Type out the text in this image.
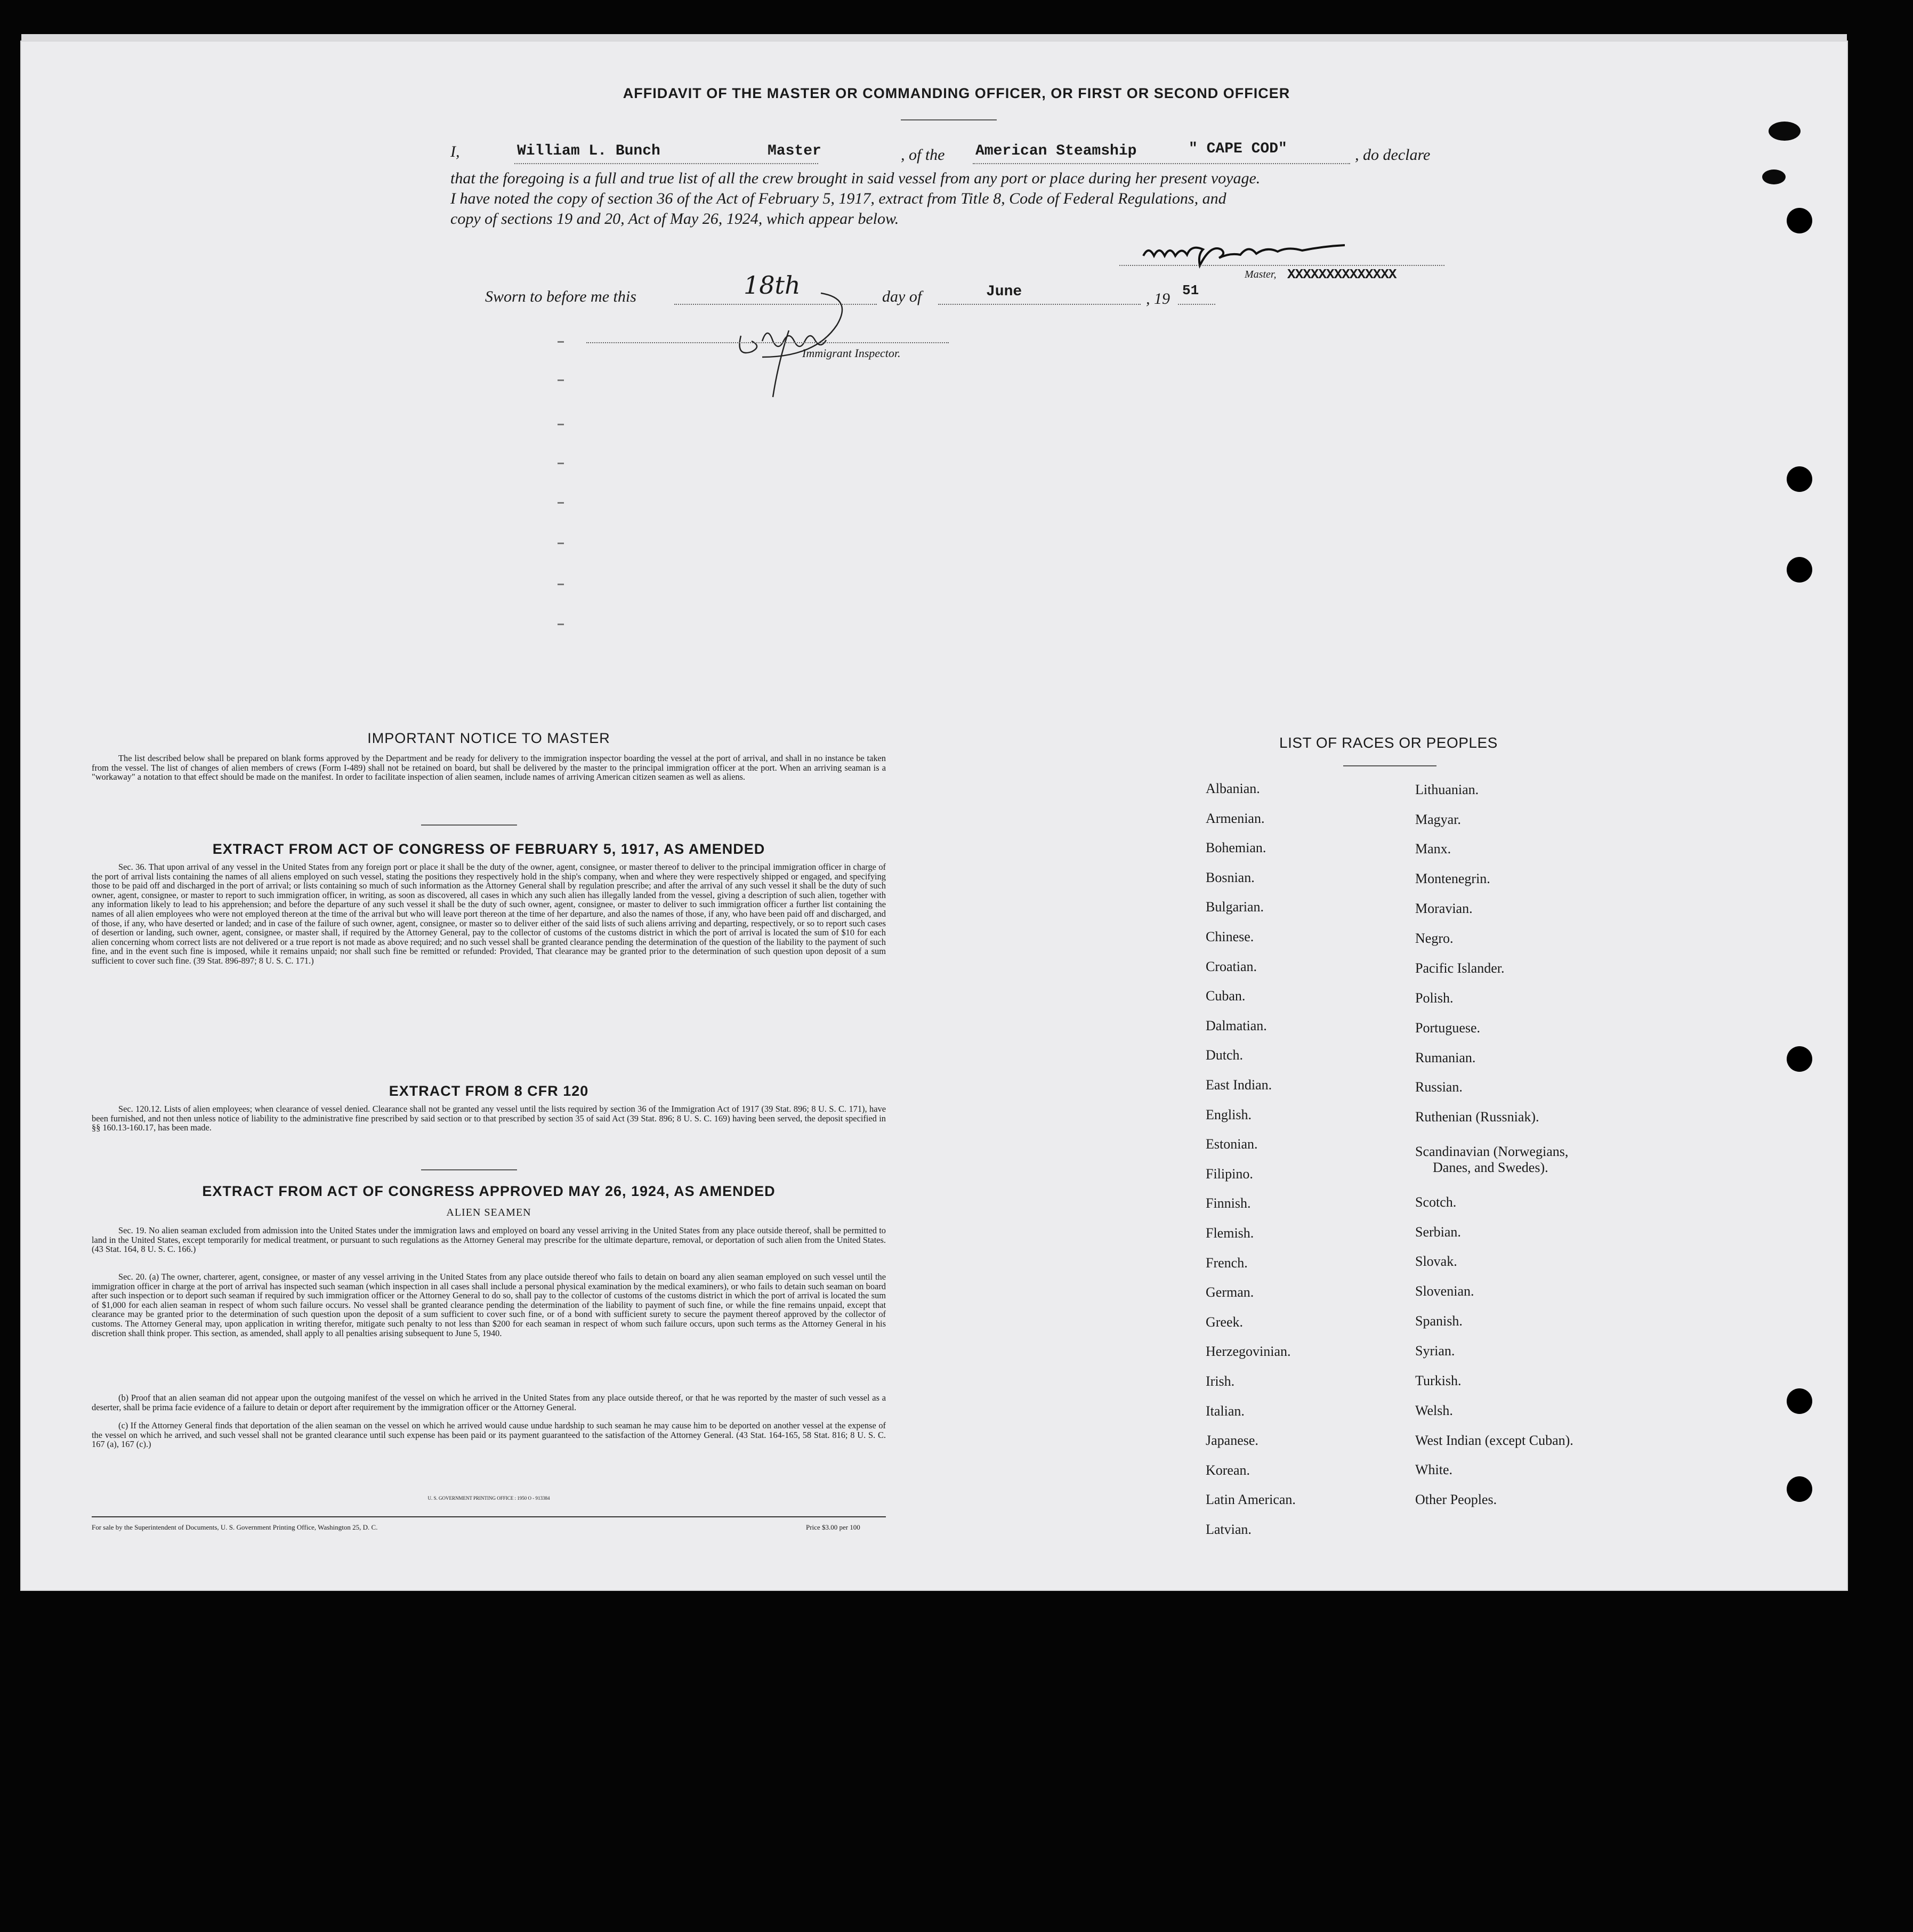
AFFIDAVIT OF THE MASTER OR COMMANDING OFFICER, OR FIRST OR SECOND OFFICER
I,	William L. Bunch	Master	, of the American Steamship	" CAPE COD"	, do declare
that the foregoing is a full and true list of all the crew brought in said vessel from any port or place during her present voyage.
I have noted the copy of section 36 of the Act of February 5, 1917, extract from Title 8, Code of Federal Regulations, and
copy of sections 19 and 20, Act of May 26, 1924, which appear below.
Master, XXXXXXXXXXXXXX
Sworn to before me this	18th	day of	June	, 19 51
Immigrant Inspector.
IMPORTANT NOTICE TO MASTER
The list described below shall be prepared on blank forms approved by the Department and be ready for delivery to the immigration inspector boarding the vessel at the port of arrival, and shall in no instance be taken from the vessel. The list of changes of alien members of crews (Form I-489) shall not be retained on board, but shall be delivered by the master to the principal immigration officer at the port. When an arriving seaman is a "workaway" a notation to that effect should be made on the manifest. In order to facilitate inspection of alien seamen, include names of arriving American citizen seamen as well as aliens.
EXTRACT FROM ACT OF CONGRESS OF FEBRUARY 5, 1917, AS AMENDED
Sec. 36. That upon arrival of any vessel in the United States from any foreign port or place it shall be the duty of the owner, agent, consignee, or master thereof to deliver to the principal immigration officer in charge of the port of arrival lists containing the names of all aliens employed on such vessel, stating the positions they respectively hold in the ship's company, when and where they were respectively shipped or engaged, and specifying those to be paid off and discharged in the port of arrival; or lists containing so much of such information as the Attorney General shall by regulation prescribe; and after the arrival of any such vessel it shall be the duty of such owner, agent, consignee, or master to report to such immigration officer, in writing, as soon as discovered, all cases in which any such alien has illegally landed from the vessel, giving a description of such alien, together with any information likely to lead to his apprehension; and before the departure of any such vessel it shall be the duty of such owner, agent, consignee, or master to deliver to such immigration officer a further list containing the names of all alien employees who were not employed thereon at the time of the arrival but who will leave port thereon at the time of her departure, and also the names of those, if any, who have been paid off and discharged, and of those, if any, who have deserted or landed; and in case of the failure of such owner, agent, consignee, or master so to deliver either of the said lists of such aliens arriving and departing, respectively, or so to report such cases of desertion or landing, such owner, agent, consignee, or master shall, if required by the Attorney General, pay to the collector of customs of the customs district in which the port of arrival is located the sum of $10 for each alien concerning whom correct lists are not delivered or a true report is not made as above required; and no such vessel shall be granted clearance pending the determination of the question of the liability to the payment of such fine, and in the event such fine is imposed, while it remains unpaid; nor shall such fine be remitted or refunded: Provided, That clearance may be granted prior to the determination of such question upon deposit of a sum sufficient to cover such fine. (39 Stat. 896-897; 8 U. S. C. 171.)
EXTRACT FROM 8 CFR 120
Sec. 120.12. Lists of alien employees; when clearance of vessel denied. Clearance shall not be granted any vessel until the lists required by section 36 of the Immigration Act of 1917 (39 Stat. 896; 8 U. S. C. 171), have been furnished, and not then unless notice of liability to the administrative fine prescribed by said section or to that prescribed by section 35 of said Act (39 Stat. 896; 8 U. S. C. 169) having been served, the deposit specified in §§ 160.13-160.17, has been made.
EXTRACT FROM ACT OF CONGRESS APPROVED MAY 26, 1924, AS AMENDED
ALIEN SEAMEN
Sec. 19. No alien seaman excluded from admission into the United States under the immigration laws and employed on board any vessel arriving in the United States from any place outside thereof, shall be permitted to land in the United States, except temporarily for medical treatment, or pursuant to such regulations as the Attorney General may prescribe for the ultimate departure, removal, or deportation of such alien from the United States. (43 Stat. 164, 8 U. S. C. 166.)
Sec. 20. (a) The owner, charterer, agent, consignee, or master of any vessel arriving in the United States from any place outside thereof who fails to detain on board any alien seaman employed on such vessel until the immigration officer in charge at the port of arrival has inspected such seaman (which inspection in all cases shall include a personal physical examination by the medical examiners), or who fails to detain such seaman on board after such inspection or to deport such seaman if required by such immigration officer or the Attorney General to do so, shall pay to the collector of customs of the customs district in which the port of arrival is located the sum of $1,000 for each alien seaman in respect of whom such failure occurs. No vessel shall be granted clearance pending the determination of the liability to payment of such fine, or while the fine remains unpaid, except that clearance may be granted prior to the determination of such question upon the deposit of a sum sufficient to cover such fine, or of a bond with sufficient surety to secure the payment thereof approved by the collector of customs. The Attorney General may, upon application in writing therefor, mitigate such penalty to not less than $200 for each seaman in respect of whom such failure occurs, upon such terms as the Attorney General in his discretion shall think proper. This section, as amended, shall apply to all penalties arising subsequent to June 5, 1940.
(b) Proof that an alien seaman did not appear upon the outgoing manifest of the vessel on which he arrived in the United States from any place outside thereof, or that he was reported by the master of such vessel as a deserter, shall be prima facie evidence of a failure to detain or deport after requirement by the immigration officer or the Attorney General.
(c) If the Attorney General finds that deportation of the alien seaman on the vessel on which he arrived would cause undue hardship to such seaman he may cause him to be deported on another vessel at the expense of the vessel on which he arrived, and such vessel shall not be granted clearance until such expense has been paid or its payment guaranteed to the satisfaction of the Attorney General. (43 Stat. 164-165, 58 Stat. 816; 8 U. S. C. 167 (a), 167 (c).)
U. S. GOVERNMENT PRINTING OFFICE : 1950 O - 913384
For sale by the Superintendent of Documents, U. S. Government Printing Office, Washington 25, D. C.	Price $3.00 per 100
LIST OF RACES OR PEOPLES
Albanian.
Armenian.
Bohemian.
Bosnian.
Bulgarian.
Chinese.
Croatian.
Cuban.
Dalmatian.
Dutch.
East Indian.
English.
Estonian.
Filipino.
Finnish.
Flemish.
French.
German.
Greek.
Herzegovinian.
Irish.
Italian.
Japanese.
Korean.
Latin American.
Latvian.
Lithuanian.
Magyar.
Manx.
Montenegrin.
Moravian.
Negro.
Pacific Islander.
Polish.
Portuguese.
Rumanian.
Russian.
Ruthenian (Russniak).
Scandinavian (Norwegians,
Danes, and Swedes).
Scotch.
Serbian.
Slovak.
Slovenian.
Spanish.
Syrian.
Turkish.
Welsh.
West Indian (except Cuban).
White.
Other Peoples.
